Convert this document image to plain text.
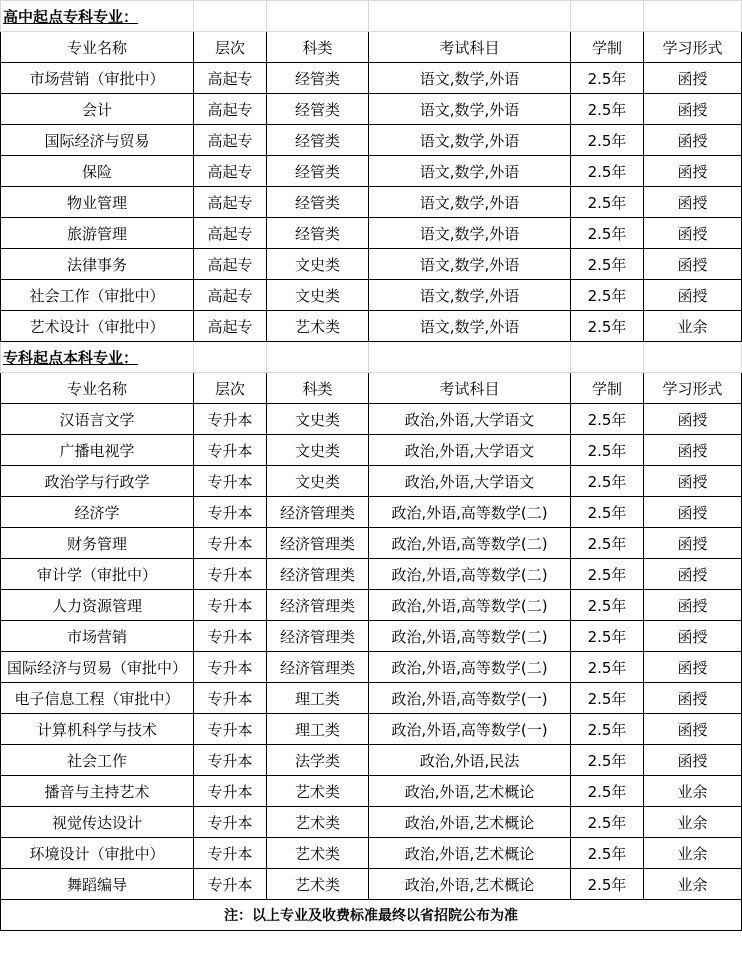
高中起点专科专业：					
专业名称	层次	科类	考试科目	学制	学习形式
市场营销（审批中）	高起专	经管类	语文,数学,外语	2.5年	函授
会计	高起专	经管类	语文,数学,外语	2.5年	函授
国际经济与贸易	高起专	经管类	语文,数学,外语	2.5年	函授
保险	高起专	经管类	语文,数学,外语	2.5年	函授
物业管理	高起专	经管类	语文,数学,外语	2.5年	函授
旅游管理	高起专	经管类	语文,数学,外语	2.5年	函授
法律事务	高起专	文史类	语文,数学,外语	2.5年	函授
社会工作（审批中）	高起专	文史类	语文,数学,外语	2.5年	函授
艺术设计（审批中）	高起专	艺术类	语文,数学,外语	2.5年	业余
专科起点本科专业：					
专业名称	层次	科类	考试科目	学制	学习形式
汉语言文学	专升本	文史类	政治,外语,大学语文	2.5年	函授
广播电视学	专升本	文史类	政治,外语,大学语文	2.5年	函授
政治学与行政学	专升本	文史类	政治,外语,大学语文	2.5年	函授
经济学	专升本	经济管理类	政治,外语,高等数学(二)	2.5年	函授
财务管理	专升本	经济管理类	政治,外语,高等数学(二)	2.5年	函授
审计学（审批中）	专升本	经济管理类	政治,外语,高等数学(二)	2.5年	函授
人力资源管理	专升本	经济管理类	政治,外语,高等数学(二)	2.5年	函授
市场营销	专升本	经济管理类	政治,外语,高等数学(二)	2.5年	函授
国际经济与贸易（审批中）	专升本	经济管理类	政治,外语,高等数学(二)	2.5年	函授
电子信息工程（审批中）	专升本	理工类	政治,外语,高等数学(一)	2.5年	函授
计算机科学与技术	专升本	理工类	政治,外语,高等数学(一)	2.5年	函授
社会工作	专升本	法学类	政治,外语,民法	2.5年	函授
播音与主持艺术	专升本	艺术类	政治,外语,艺术概论	2.5年	业余
视觉传达设计	专升本	艺术类	政治,外语,艺术概论	2.5年	业余
环境设计（审批中）	专升本	艺术类	政治,外语,艺术概论	2.5年	业余
舞蹈编导	专升本	艺术类	政治,外语,艺术概论	2.5年	业余
注：以上专业及收费标准最终以省招院公布为准					
